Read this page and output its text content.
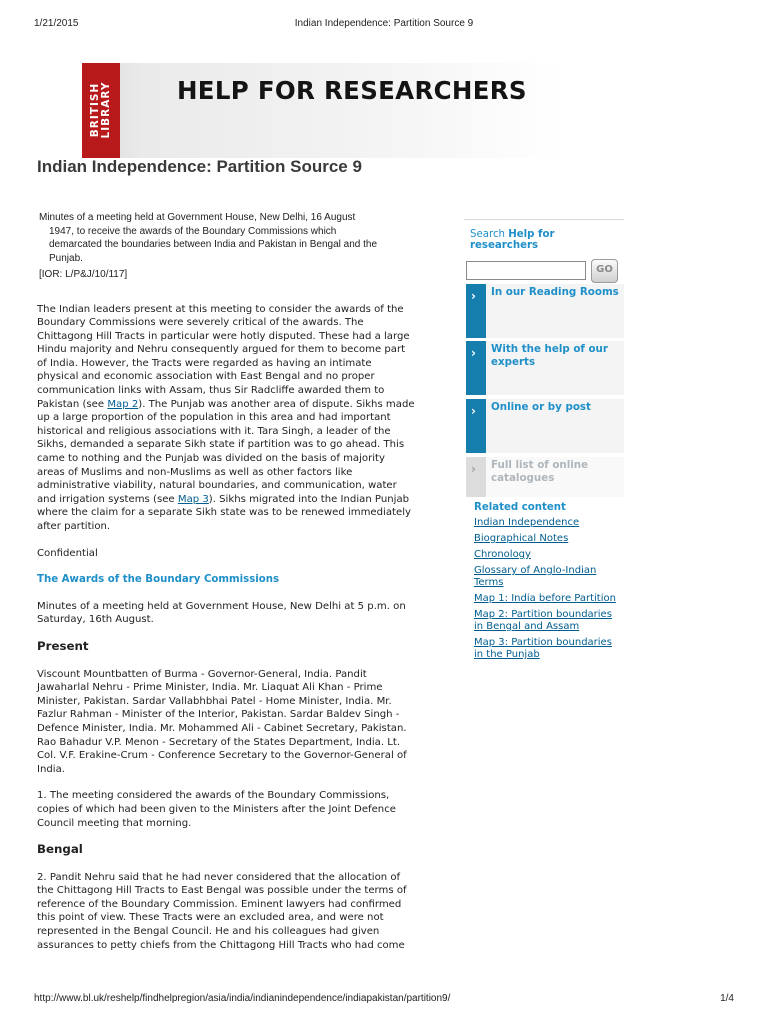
1/21/2015	Indian Independence: Partition Source 9
BRITISH LIBRARY	HELP FOR RESEARCHERS
Indian Independence: Partition Source 9
Minutes of a meeting held at Government House, New Delhi, 16 August
1947, to receive the awards of the Boundary Commissions which
demarcated the boundaries between India and Pakistan in Bengal and the
Punjab.
[IOR: L/P&J/10/117]

The Indian leaders present at this meeting to consider the awards of the Boundary Commissions were severely critical of the awards. The Chittagong Hill Tracts in particular were hotly disputed. These had a large Hindu majority and Nehru consequently argued for them to become part of India. However, the Tracts were regarded as having an intimate physical and economic association with East Bengal and no proper communication links with Assam, thus Sir Radcliffe awarded them to Pakistan (see Map 2). The Punjab was another area of dispute. Sikhs made up a large proportion of the population in this area and had important historical and religious associations with it. Tara Singh, a leader of the Sikhs, demanded a separate Sikh state if partition was to go ahead. This came to nothing and the Punjab was divided on the basis of majority areas of Muslims and non-Muslims as well as other factors like administrative viability, natural boundaries, and communication, water and irrigation systems (see Map 3). Sikhs migrated into the Indian Punjab where the claim for a separate Sikh state was to be renewed immediately after partition.

Confidential

The Awards of the Boundary Commissions

Minutes of a meeting held at Government House, New Delhi at 5 p.m. on Saturday, 16th August.

Present

Viscount Mountbatten of Burma - Governor-General, India. Pandit Jawaharlal Nehru - Prime Minister, India. Mr. Liaquat Ali Khan - Prime Minister, Pakistan. Sardar Vallabhbhai Patel - Home Minister, India. Mr. Fazlur Rahman - Minister of the Interior, Pakistan. Sardar Baldev Singh - Defence Minister, India. Mr. Mohammed Ali - Cabinet Secretary, Pakistan. Rao Bahadur V.P. Menon - Secretary of the States Department, India. Lt. Col. V.F. Erakine-Crum - Conference Secretary to the Governor-General of India.

1. The meeting considered the awards of the Boundary Commissions, copies of which had been given to the Ministers after the Joint Defence Council meeting that morning.

Bengal

2. Pandit Nehru said that he had never considered that the allocation of the Chittagong Hill Tracts to East Bengal was possible under the terms of reference of the Boundary Commission. Eminent lawyers had confirmed this point of view. These Tracts were an excluded area, and were not represented in the Bengal Council. He and his colleagues had given assurances to petty chiefs from the Chittagong Hill Tracts who had come

Search Help for researchers
GO
› In our Reading Rooms
› With the help of our experts
› Online or by post
› Full list of online catalogues
Related content
Indian Independence
Biographical Notes
Chronology
Glossary of Anglo-Indian Terms
Map 1: India before Partition
Map 2: Partition boundaries in Bengal and Assam
Map 3: Partition boundaries in the Punjab
http://www.bl.uk/reshelp/findhelpregion/asia/india/indianindependence/indiapakistan/partition9/	1/4
